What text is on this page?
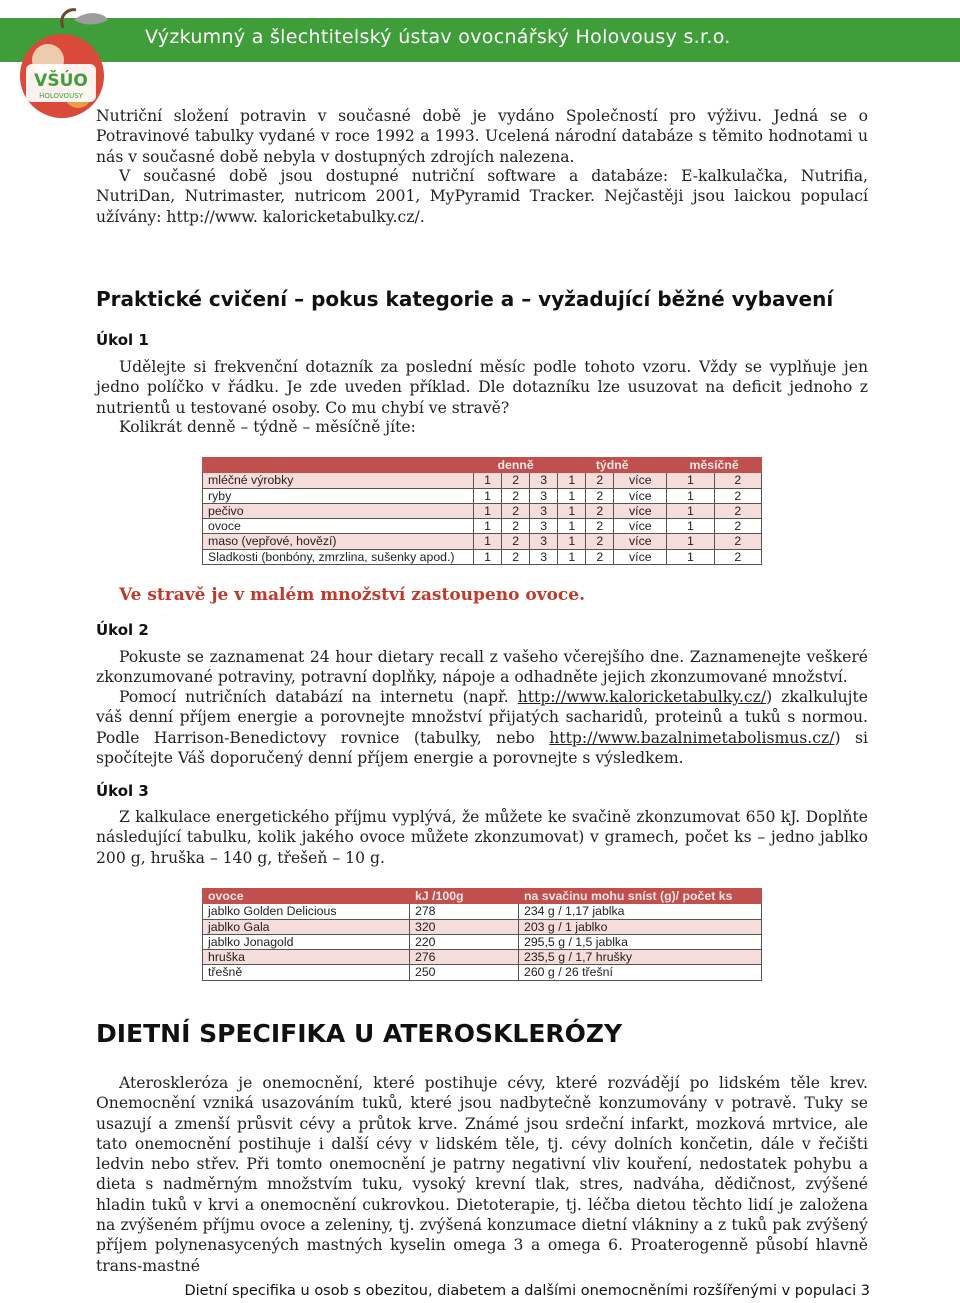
Výzkumný a šlechtitelský ústav ovocnářský Holovousy s.r.o.
VŠÚO
HOLOVOUSY

Nutriční složení potravin v současné době je vydáno Společností pro výživu. Jedná se o Potravinové tabulky vydané v roce 1992 a 1993. Ucelená národní databáze s těmito hodnotami u nás v současné době nebyla v dostupných zdrojích nalezena.

V současné době jsou dostupné nutriční software a databáze: E-kalkulačka, Nutrifia, NutriDan, Nutrimaster, nutricom 2001, MyPyramid Tracker. Nejčastěji jsou laickou populací užívány: http://www. kaloricketabulky.cz/.

Praktické cvičení – pokus kategorie a – vyžadující běžné vybavení
Úkol 1

Udělejte si frekvenční dotazník za poslední měsíc podle tohoto vzoru. Vždy se vyplňuje jen jedno políčko v řádku. Je zde uveden příklad. Dle dotazníku lze usuzovat na deficit jednoho z nutrientů u testované osoby. Co mu chybí ve stravě?

Kolikrát denně – týdně – měsíčně jíte:

	denně			týdně			měsíčně	
mléčné výrobky	1	2	3	1	2	více	1	2
ryby	1	2	3	1	2	více	1	2
pečivo	1	2	3	1	2	více	1	2
ovoce	1	2	3	1	2	více	1	2
maso (vepřové, hovězí)	1	2	3	1	2	více	1	2
Sladkosti (bonbóny, zmrzlina, sušenky apod.)	1	2	3	1	2	více	1	2

Ve stravě je v malém množství zastoupeno ovoce.

Úkol 2

Pokuste se zaznamenat 24 hour dietary recall z vašeho včerejšího dne. Zaznamenejte veškeré zkonzumované potraviny, potravní doplňky, nápoje a odhadněte jejich zkonzumované množství.

Pomocí nutričních databází na internetu (např. http://www.kaloricketabulky.cz/) zkalkulujte váš denní příjem energie a porovnejte množství přijatých sacharidů, proteinů a tuků s normou. Podle Harrison-Benedictovy rovnice (tabulky, nebo http://www.bazalnimetabolismus.cz/) si spočítejte Váš doporučený denní příjem energie a porovnejte s výsledkem.

Úkol 3

Z kalkulace energetického příjmu vyplývá, že můžete ke svačině zkonzumovat 650 kJ. Doplňte následující tabulku, kolik jakého ovoce můžete zkonzumovat) v gramech, počet ks – jedno jablko 200 g, hruška – 140 g, třešeň – 10 g.

ovoce	kJ /100g	na svačinu mohu sníst (g)/ počet ks
jablko Golden Delicious	278	234 g / 1,17 jablka
jablko Gala	320	203 g / 1 jablko
jablko Jonagold	220	295,5 g / 1,5 jablka
hruška	276	235,5 g / 1,7 hrušky
třešně	250	260 g / 26 třešní
DIETNÍ SPECIFIKA U ATEROSKLERÓZY

Ateroskleróza je onemocnění, které postihuje cévy, které rozvádějí po lidském těle krev. Onemocnění vzniká usazováním tuků, které jsou nadbytečně konzumovány v potravě. Tuky se usazují a zmenší průsvit cévy a průtok krve. Známé jsou srdeční infarkt, mozková mrtvice, ale tato onemocnění postihuje i další cévy v lidském těle, tj. cévy dolních končetin, dále v řečišti ledvin nebo střev. Při tomto onemocnění je patrny negativní vliv kouření, nedostatek pohybu a dieta s nadměrným množstvím tuku, vysoký krevní tlak, stres, nadváha, dědičnost, zvýšené hladin tuků v krvi a onemocnění cukrovkou. Dietoterapie, tj. léčba dietou těchto lidí je založena na zvýšeném příjmu ovoce a zeleniny, tj. zvýšená konzumace dietní vlákniny a z tuků pak zvýšený příjem polynenasycených mastných kyselin omega 3 a omega 6. Proaterogenně působí hlavně trans-mastné

Dietní specifika u osob s obezitou, diabetem a dalšími onemocněními rozšířenými v populaci 3
